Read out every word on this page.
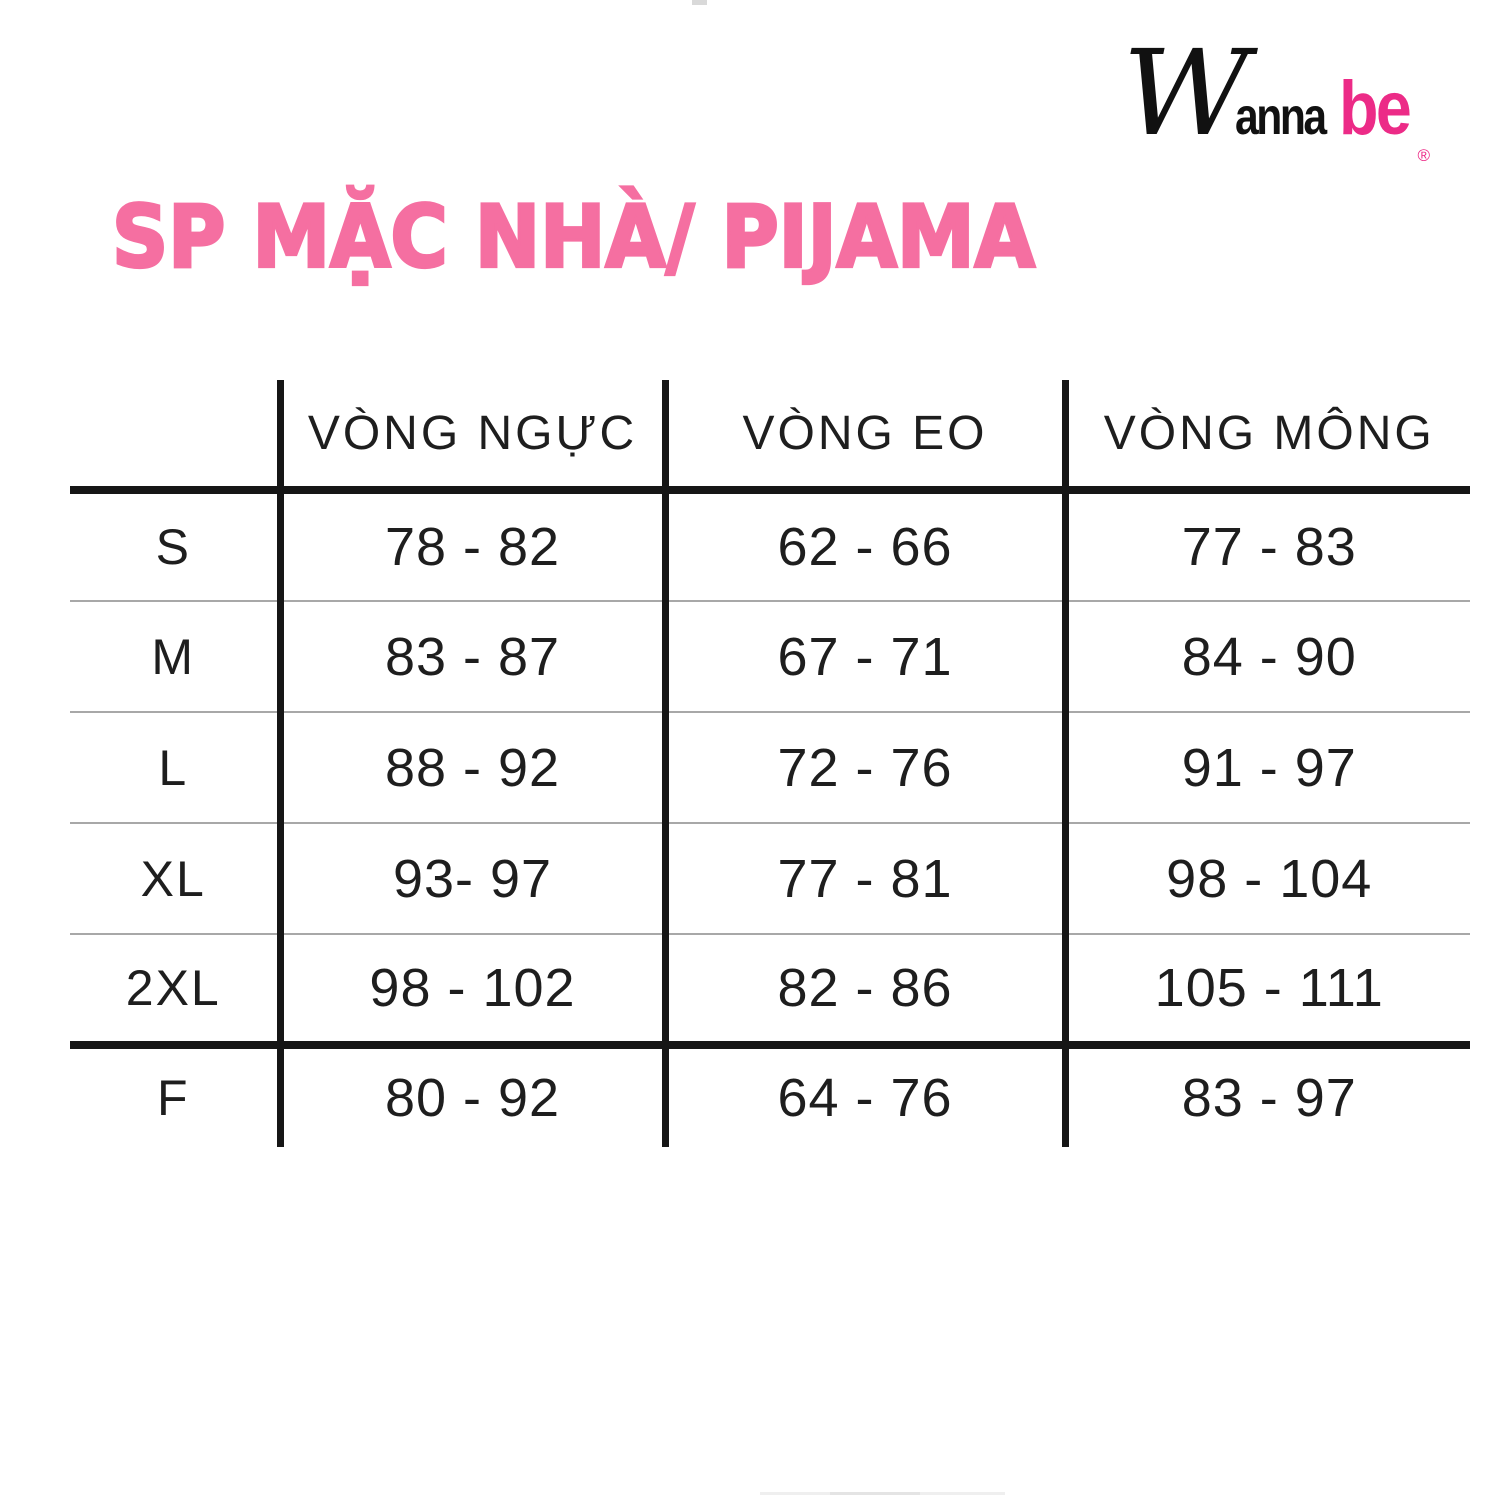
W
anna be
®
SP MẶC NHÀ/ PIJAMA
	VÒNG NGỰC	VÒNG EO	VÒNG MÔNG
S	78 - 82	62 - 66	77 - 83
M	83 - 87	67 - 71	84 - 90
L	88 - 92	72 - 76	91 - 97
XL	93- 97	77 - 81	98 - 104
2XL	98 - 102	82 - 86	105 - 111
F	80 - 92	64 - 76	83 - 97
